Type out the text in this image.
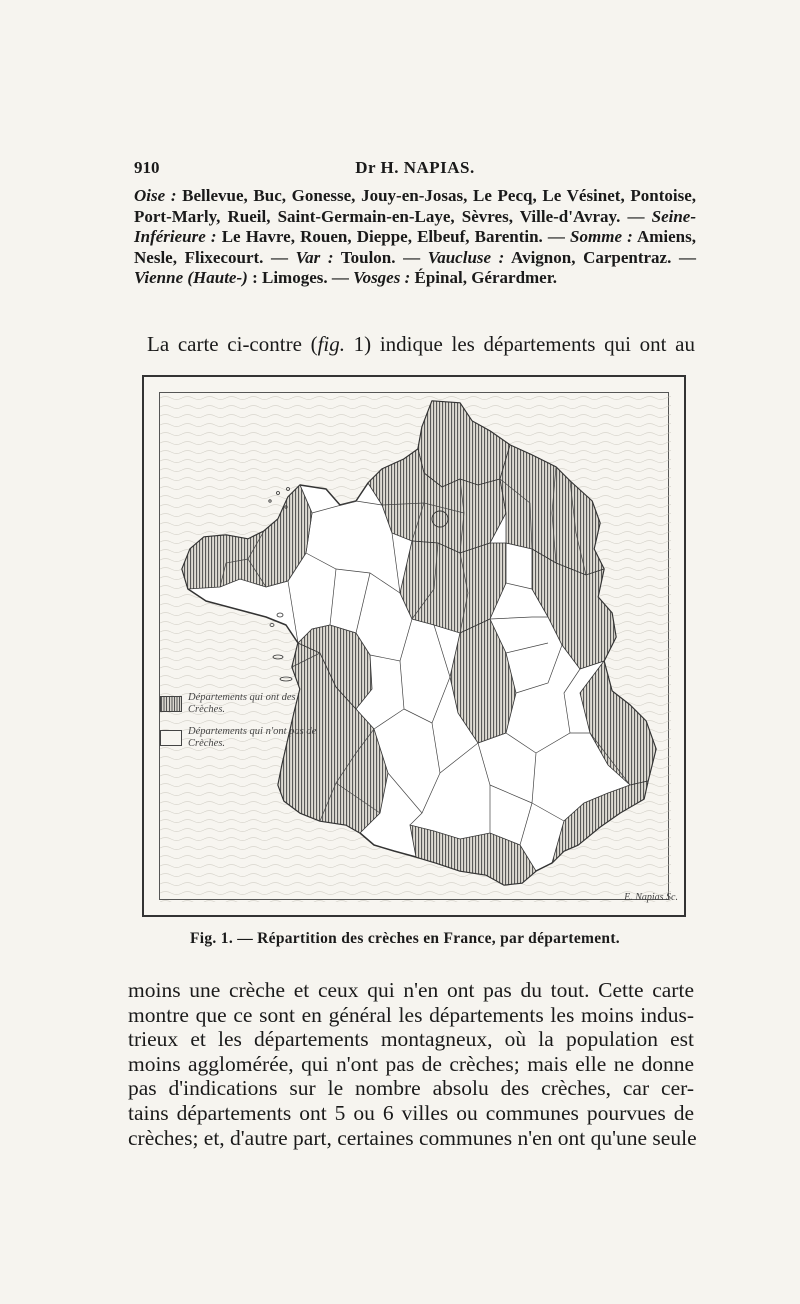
910	Dr H. NAPIAS.
Oise : Bellevue, Buc, Gonesse, Jouy-en-Josas, Le Pecq, Le Vésinet, Pontoise, Port-Marly, Rueil, Saint-Germain-en-Laye, Sèvres, Ville-d'Avray. — Seine-Inférieure : Le Havre, Rouen, Dieppe, Elbeuf, Barentin. — Somme : Amiens, Nesle, Flixecourt. — Var : Toulon. — Vaucluse : Avignon, Carpentraz. — Vienne (Haute-) : Limoges. — Vosges : Épinal, Gérardmer.
La carte ci-contre (fig. 1) indique les départements qui ont au
Départements qui ont des Crèches.
Départements qui n'ont pas de Crèches.
E. Napias Sc.
Fig. 1. — Répartition des crèches en France, par département.
moins une crèche et ceux qui n'en ont pas du tout. Cette carte
montre que ce sont en général les départements les moins indus-
trieux et les départements montagneux, où la population est
moins agglomérée, qui n'ont pas de crèches; mais elle ne donne
pas d'indications sur le nombre absolu des crèches, car cer-
tains départements ont 5 ou 6 villes ou communes pourvues de
crèches; et, d'autre part, certaines communes n'en ont qu'une seule
